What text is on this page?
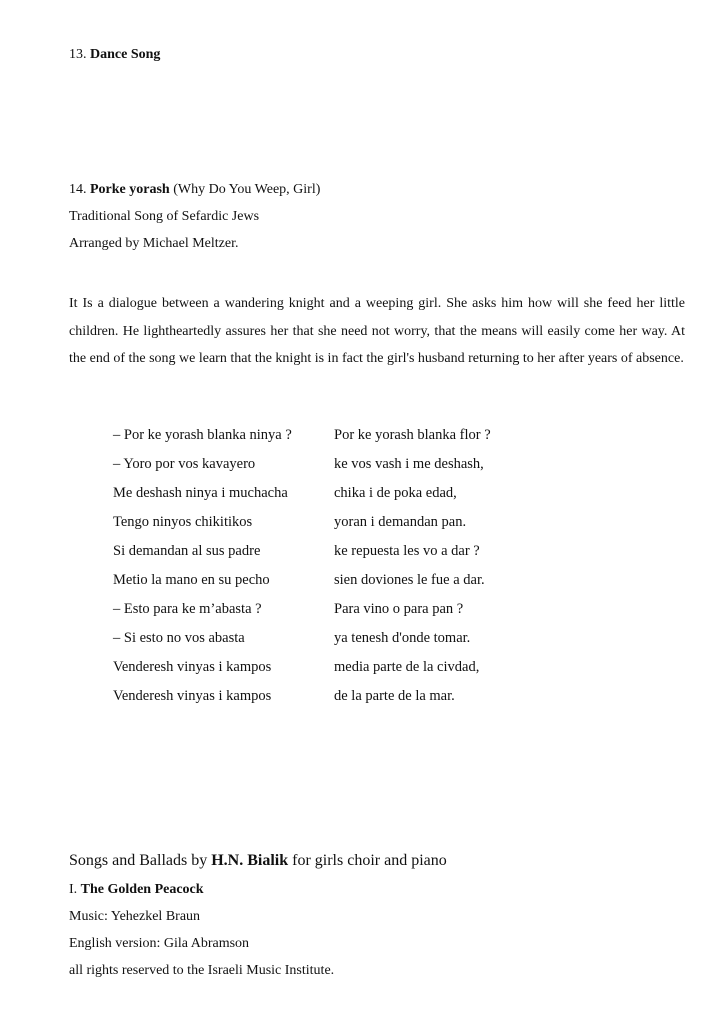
13. Dance Song
14. Porke yorash (Why Do You Weep, Girl)
Traditional Song of Sefardic Jews
Arranged by Michael Meltzer.
It Is a dialogue between a wandering knight and a weeping girl. She asks him how will she feed her little children. He lightheartedly assures her that she need not worry, that the means will easily come her way. At the end of the song we learn that the knight is in fact the girl's husband returning to her after years of absence.
– Por ke yorash blanka ninya ?	Por ke yorash blanka flor ?
– Yoro por vos kavayero	ke vos vash i me deshash,
Me deshash ninya i muchacha	chika i de poka edad,
Tengo ninyos chikitikos	yoran i demandan pan.
Si demandan al sus padre	ke repuesta les vo a dar ?
Metio la mano en su pecho	sien doviones le fue a dar.
– Esto para ke m’abasta ?	Para vino o para pan ?
– Si esto no vos abasta	ya tenesh d'onde tomar.
Venderesh vinyas i kampos	media parte de la civdad,
Venderesh vinyas i kampos	de la parte de la mar.
Songs and Ballads by H.N. Bialik for girls choir and piano
I. The Golden Peacock
Music: Yehezkel Braun
English version: Gila Abramson
all rights reserved to the Israeli Music Institute.
